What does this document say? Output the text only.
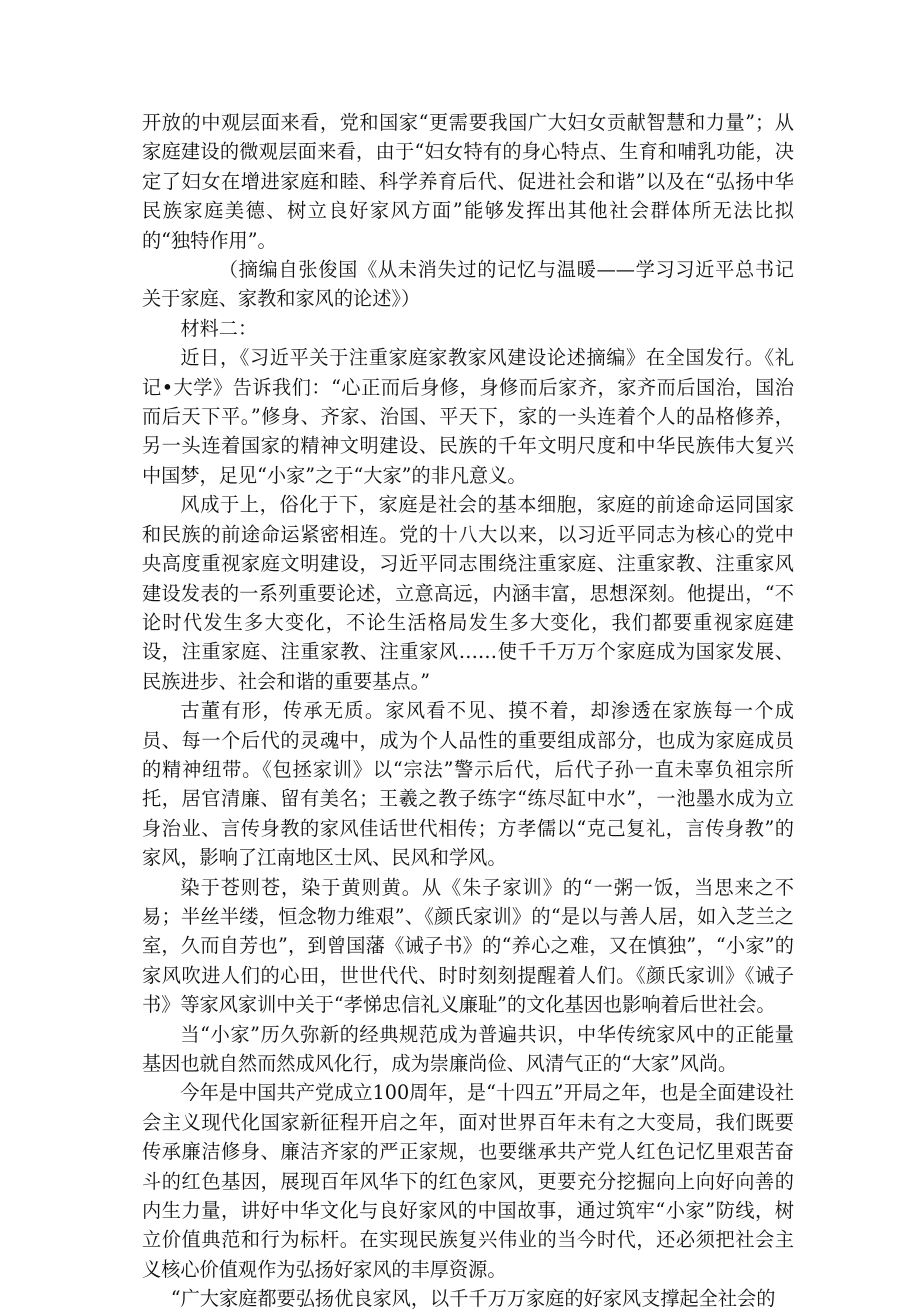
开放的中观层面来看，党和国家“更需要我国广大妇女贡献智慧和力量”；从家庭建设的微观层面来看，由于“妇女特有的身心特点、生育和哺乳功能，决定了妇女在增进家庭和睦、科学养育后代、促进社会和谐”以及在“弘扬中华民族家庭美德、树立良好家风方面”能够发挥出其他社会群体所无法比拟的“独特作用”。

（摘编自张俊国《从未消失过的记忆与温暖——学习习近平总书记关于家庭、家教和家风的论述》）

材料二：

近日，《习近平关于注重家庭家教家风建设论述摘编》在全国发行。《礼记•大学》告诉我们：“心正而后身修，身修而后家齐，家齐而后国治，国治而后天下平。”修身、齐家、治国、平天下，家的一头连着个人的品格修养，另一头连着国家的精神文明建设、民族的千年文明尺度和中华民族伟大复兴中国梦，足见“小家”之于“大家”的非凡意义。

风成于上，俗化于下，家庭是社会的基本细胞，家庭的前途命运同国家和民族的前途命运紧密相连。党的十八大以来，以习近平同志为核心的党中央高度重视家庭文明建设，习近平同志围绕注重家庭、注重家教、注重家风建设发表的一系列重要论述，立意高远，内涵丰富，思想深刻。他提出，“不论时代发生多大变化，不论生活格局发生多大变化，我们都要重视家庭建设，注重家庭、注重家教、注重家风……使千千万万个家庭成为国家发展、民族进步、社会和谐的重要基点。”

古董有形，传承无质。家风看不见、摸不着，却渗透在家族每一个成员、每一个后代的灵魂中，成为个人品性的重要组成部分，也成为家庭成员的精神纽带。《包拯家训》以“宗法”警示后代，后代子孙一直未辜负祖宗所托，居官清廉、留有美名；王羲之教子练字“练尽缸中水”，一池墨水成为立身治业、言传身教的家风佳话世代相传；方孝儒以“克己复礼，言传身教”的家风，影响了江南地区士风、民风和学风。

染于苍则苍，染于黄则黄。从《朱子家训》的“一粥一饭，当思来之不易；半丝半缕，恒念物力维艰”、《颜氏家训》的“是以与善人居，如入芝兰之室，久而自芳也”，到曾国藩《诫子书》的“养心之难，又在慎独”，“小家”的家风吹进人们的心田，世世代代、时时刻刻提醒着人们。《颜氏家训》《诫子书》等家风家训中关于“孝悌忠信礼义廉耻”的文化基因也影响着后世社会。

当“小家”历久弥新的经典规范成为普遍共识，中华传统家风中的正能量基因也就自然而然成风化行，成为崇廉尚俭、风清气正的“大家”风尚。

今年是中国共产党成立100周年，是“十四五”开局之年，也是全面建设社会主义现代化国家新征程开启之年，面对世界百年未有之大变局，我们既要传承廉洁修身、廉洁齐家的严正家规，也要继承共产党人红色记忆里艰苦奋斗的红色基因，展现百年风华下的红色家风，更要充分挖掘向上向好向善的内生力量，讲好中华文化与良好家风的中国故事，通过筑牢“小家”防线，树立价值典范和行为标杆。在实现民族复兴伟业的当今时代，还必须把社会主义核心价值观作为弘扬好家风的丰厚资源。

“广大家庭都要弘扬优良家风，以千千万万家庭的好家风支撑起全社会的
